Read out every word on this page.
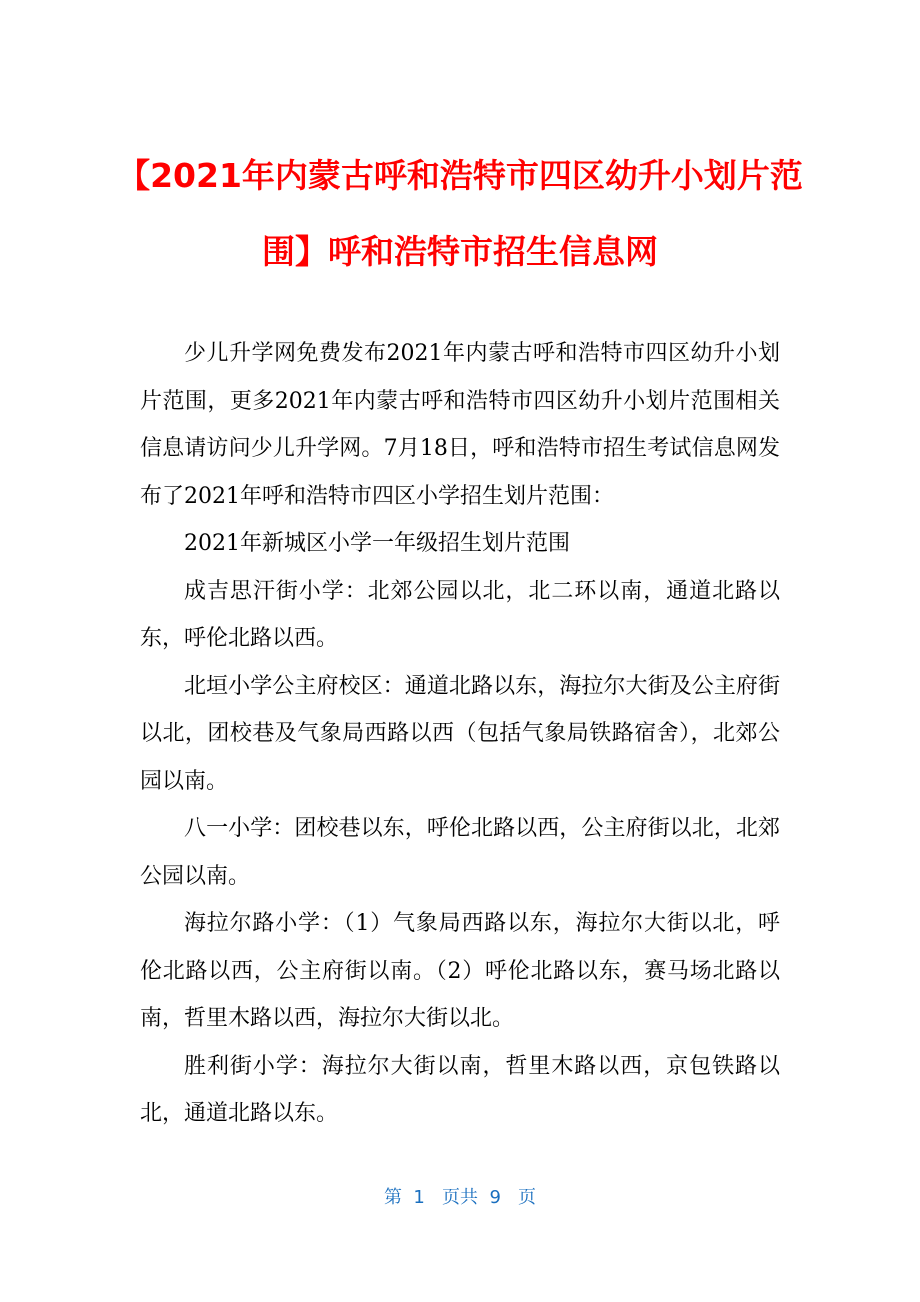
【2021年内蒙古呼和浩特市四区幼升小划片范围】呼和浩特市招生信息网

少儿升学网免费发布2021年内蒙古呼和浩特市四区幼升小划片范围，更多2021年内蒙古呼和浩特市四区幼升小划片范围相关信息请访问少儿升学网。7月18日，呼和浩特市招生考试信息网发布了2021年呼和浩特市四区小学招生划片范围：

2021年新城区小学一年级招生划片范围

成吉思汗街小学：北郊公园以北，北二环以南，通道北路以东，呼伦北路以西。

北垣小学公主府校区：通道北路以东，海拉尔大街及公主府街以北，团校巷及气象局西路以西（包括气象局铁路宿舍），北郊公园以南。

八一小学：团校巷以东，呼伦北路以西，公主府街以北，北郊公园以南。

海拉尔路小学：（1）气象局西路以东，海拉尔大街以北，呼伦北路以西，公主府街以南。（2）呼伦北路以东，赛马场北路以南，哲里木路以西，海拉尔大街以北。

胜利街小学：海拉尔大街以南，哲里木路以西，京包铁路以北，通道北路以东。

第  1   页共  9   页
